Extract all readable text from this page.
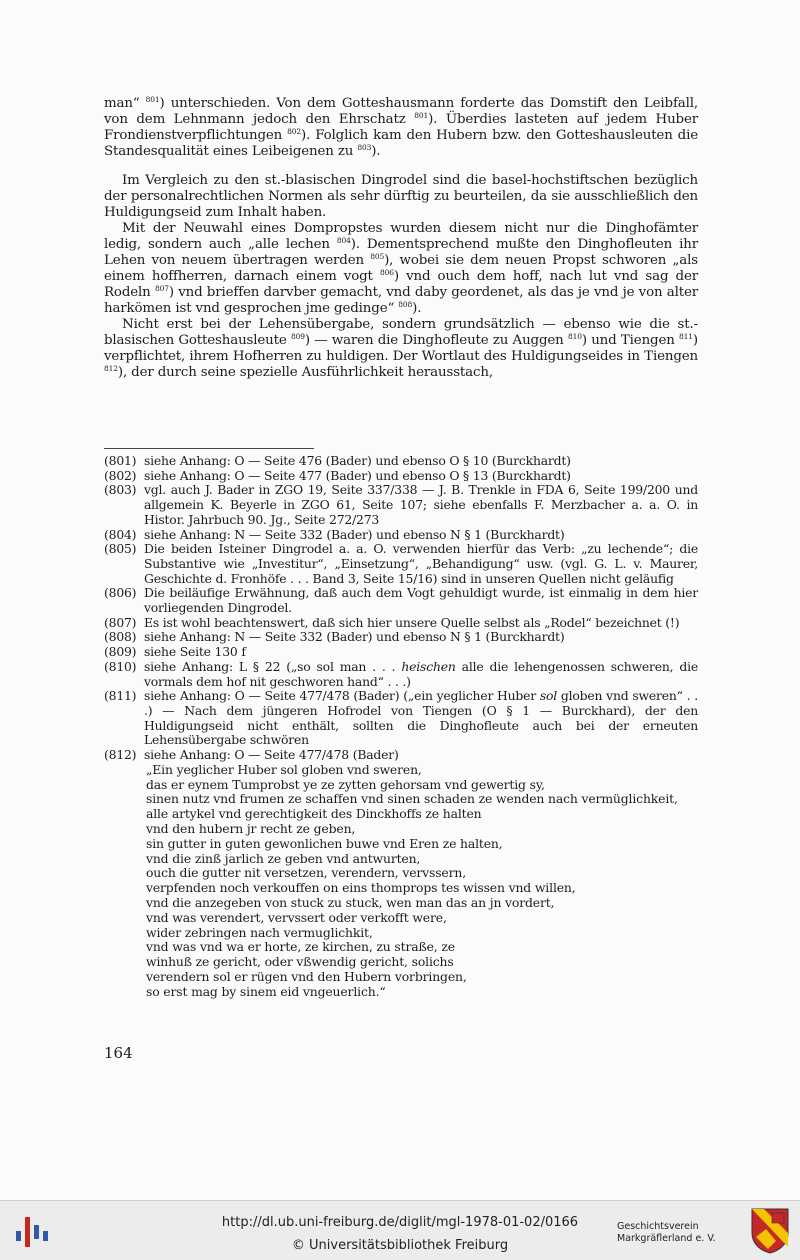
man“ $^{801}$) unterschieden. Von dem Gotteshausmann forderte das Domstift den Leibfall, von dem Lehnmann jedoch den Ehrschatz $^{801}$). Überdies lasteten auf jedem Huber Frondienstverpflichtungen $^{802}$). Folglich kam den Hubern bzw. den Gotteshausleuten die Standesqualität eines Leibeigenen zu $^{803}$).

Im Vergleich zu den st.-blasischen Dingrodel sind die basel-hochstiftschen bezüglich der personalrechtlichen Normen als sehr dürftig zu beurteilen, da sie ausschließlich den Huldigungseid zum Inhalt haben.

Mit der Neuwahl eines Dompropstes wurden diesem nicht nur die Dinghofämter ledig, sondern auch „alle lechen $^{804}$). Dementsprechend mußte den Dinghofleuten ihr Lehen von neuem übertragen werden $^{805}$), wobei sie dem neuen Propst schworen „als einem hoffherren, darnach einem vogt $^{806}$) vnd ouch dem hoff, nach lut vnd sag der Rodeln $^{807}$) vnd brieffen darvber gemacht, vnd daby geordenet, als das je vnd je von alter harkömen ist vnd gesprochen jme gedinge“ $^{808}$).

Nicht erst bei der Lehensübergabe, sondern grundsätzlich — ebenso wie die st.-blasischen Gotteshausleute $^{809}$) — waren die Dinghofleute zu Auggen $^{810}$) und Tiengen $^{811}$) verpflichtet, ihrem Hofherren zu huldigen. Der Wortlaut des Huldigungseides in Tiengen $^{812}$), der durch seine spezielle Ausführlichkeit herausstach,

(801) siehe Anhang: O — Seite 476 (Bader) und ebenso O § 10 (Burckhardt)
(802) siehe Anhang: O — Seite 477 (Bader) und ebenso O § 13 (Burckhardt)
(803) vgl. auch J. Bader in ZGO 19, Seite 337/338 — J. B. Trenkle in FDA 6, Seite 199/200 und allgemein K. Beyerle in ZGO 61, Seite 107; siehe ebenfalls F. Merzbacher a. a. O. in Histor. Jahrbuch 90. Jg., Seite 272/273
(804) siehe Anhang: N — Seite 332 (Bader) und ebenso N § 1 (Burckhardt)
(805) Die beiden Isteiner Dingrodel a. a. O. verwenden hierfür das Verb: „zu lechende“; die Substantive wie „Investitur“, „Einsetzung“, „Behandigung“ usw. (vgl. G. L. v. Maurer, Geschichte d. Fronhöfe . . . Band 3, Seite 15/16) sind in unseren Quellen nicht geläufig
(806) Die beiläufige Erwähnung, daß auch dem Vogt gehuldigt wurde, ist einmalig in dem hier vorliegenden Dingrodel.
(807) Es ist wohl beachtenswert, daß sich hier unsere Quelle selbst als „Rodel“ bezeichnet (!)
(808) siehe Anhang: N — Seite 332 (Bader) und ebenso N § 1 (Burckhardt)
(809) siehe Seite 130 f
(810) siehe Anhang: L § 22 („so sol man . . . heischen alle die lehengenossen schweren, die vormals dem hof nit geschworen hand“ . . .)
(811) siehe Anhang: O — Seite 477/478 (Bader) („ein yeglicher Huber sol globen vnd sweren“ . . .) — Nach dem jüngeren Hofrodel von Tiengen (O § 1 — Burckhard), der den Huldigungseid nicht enthält, sollten die Dinghofleute auch bei der erneuten Lehensübergabe schwören
(812) siehe Anhang: O — Seite 477/478 (Bader)
„Ein yeglicher Huber sol globen vnd sweren,
das er eynem Tumprobst ye ze zytten gehorsam vnd gewertig sy,
sinen nutz vnd frumen ze schaffen vnd sinen schaden ze wenden nach vermüglichkeit,
alle artykel vnd gerechtigkeit des Dinckhoffs ze halten
vnd den hubern jr recht ze geben,
sin gutter in guten gewonlichen buwe vnd Eren ze halten,
vnd die zinß jarlich ze geben vnd antwurten,
ouch die gutter nit versetzen, verendern, vervssern,
verpfenden noch verkouffen on eins thomprops tes wissen vnd willen,
vnd die anzegeben von stuck zu stuck, wen man das an jn vordert,
vnd was verendert, vervssert oder verkofft were,
wider zebringen nach vermuglichkit,
vnd was vnd wa er horte, ze kirchen, zu straße, ze
winhuß ze gericht, oder vßwendig gericht, solichs
verendern sol er rügen vnd den Hubern vorbringen,
so erst mag by sinem eid vngeuerlich.“
164
http://dl.ub.uni-freiburg.de/diglit/mgl-1978-01-02/0166
© Universitätsbibliothek Freiburg
Geschichtsverein
Markgräflerland e. V.
